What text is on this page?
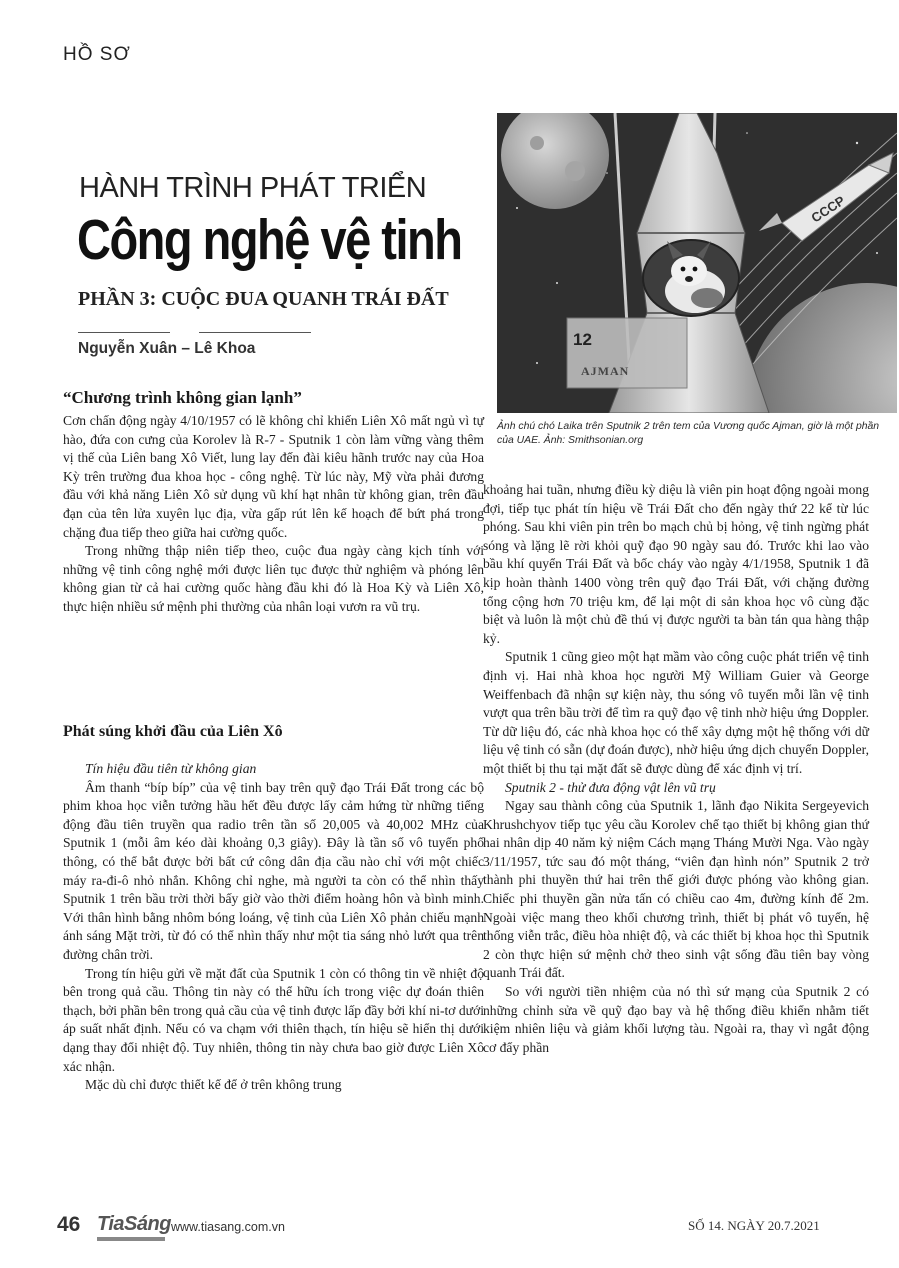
HỒ SƠ
HÀNH TRÌNH PHÁT TRIỂN
Công nghệ vệ tinh
PHẦN 3: CUỘC ĐUA QUANH TRÁI ĐẤT
Nguyễn Xuân – Lê Khoa
CCCP
12
AJMAN
Ảnh chú chó Laika trên Sputnik 2 trên tem của Vương quốc Ajman, giờ là một phần của UAE. Ảnh: Smithsonian.org
“Chương trình không gian lạnh”

Cơn chấn động ngày 4/10/1957 có lẽ không chỉ khiến Liên Xô mất ngủ vì tự hào, đứa con cưng của Korolev là R-7 - Sputnik 1 còn làm vững vàng thêm vị thế của Liên bang Xô Viết, lung lay đến đài kiêu hãnh trước nay của Hoa Kỳ trên trường đua khoa học - công nghệ. Từ lúc này, Mỹ vừa phải đương đầu với khả năng Liên Xô sử dụng vũ khí hạt nhân từ không gian, trên đầu đạn của tên lửa xuyên lục địa, vừa gấp rút lên kế hoạch để bứt phá trong chặng đua tiếp theo giữa hai cường quốc.

Trong những thập niên tiếp theo, cuộc đua ngày càng kịch tính với những vệ tinh công nghệ mới được liên tục được thử nghiệm và phóng lên không gian từ cả hai cường quốc hàng đầu khi đó là Hoa Kỳ và Liên Xô, thực hiện nhiều sứ mệnh phi thường của nhân loại vươn ra vũ trụ.

Phát súng khởi đầu của Liên Xô

Tín hiệu đầu tiên từ không gian

Âm thanh “bíp bíp” của vệ tinh bay trên quỹ đạo Trái Đất trong các bộ phim khoa học viễn tưởng hầu hết đều được lấy cảm hứng từ những tiếng động đầu tiên truyền qua radio trên tần số 20,005 và 40,002 MHz của Sputnik 1 (mỗi âm kéo dài khoảng 0,3 giây). Đây là tần số vô tuyến phổ thông, có thể bắt được bởi bất cứ công dân địa cầu nào chỉ với một chiếc máy ra-đi-ô nhỏ nhắn. Không chỉ nghe, mà người ta còn có thể nhìn thấy Sputnik 1 trên bầu trời thời bấy giờ vào thời điểm hoàng hôn và bình minh. Với thân hình bằng nhôm bóng loáng, vệ tinh của Liên Xô phản chiếu mạnh ánh sáng Mặt trời, từ đó có thể nhìn thấy như một tia sáng nhỏ lướt qua trên đường chân trời.

Trong tín hiệu gửi về mặt đất của Sputnik 1 còn có thông tin về nhiệt độ bên trong quả cầu. Thông tin này có thể hữu ích trong việc dự đoán thiên thạch, bởi phần bên trong quả cầu của vệ tinh được lấp đầy bởi khí ni-tơ dưới áp suất nhất định. Nếu có va chạm với thiên thạch, tín hiệu sẽ hiển thị dưới dạng thay đổi nhiệt độ. Tuy nhiên, thông tin này chưa bao giờ được Liên Xô xác nhận.

Mặc dù chỉ được thiết kế để ở trên không trung

khoảng hai tuần, nhưng điều kỳ diệu là viên pin hoạt động ngoài mong đợi, tiếp tục phát tín hiệu về Trái Đất cho đến ngày thứ 22 kể từ lúc phóng. Sau khi viên pin trên bo mạch chủ bị hỏng, vệ tinh ngừng phát sóng và lặng lẽ rời khỏi quỹ đạo 90 ngày sau đó. Trước khi lao vào bầu khí quyển Trái Đất và bốc cháy vào ngày 4/1/1958, Sputnik 1 đã kịp hoàn thành 1400 vòng trên quỹ đạo Trái Đất, với chặng đường tổng cộng hơn 70 triệu km, để lại một di sản khoa học vô cùng đặc biệt và luôn là một chủ đề thú vị được người ta bàn tán qua hàng thập kỷ.

Sputnik 1 cũng gieo một hạt mầm vào công cuộc phát triển vệ tinh định vị. Hai nhà khoa học người Mỹ William Guier và George Weiffenbach đã nhận sự kiện này, thu sóng vô tuyến mỗi lần vệ tinh vượt qua trên bầu trời để tìm ra quỹ đạo vệ tinh nhờ hiệu ứng Doppler. Từ dữ liệu đó, các nhà khoa học có thể xây dựng một hệ thống với dữ liệu vệ tinh có sẵn (dự đoán được), nhờ hiệu ứng dịch chuyển Doppler, một thiết bị thu tại mặt đất sẽ được dùng để xác định vị trí.

Sputnik 2 - thử đưa động vật lên vũ trụ

Ngay sau thành công của Sputnik 1, lãnh đạo Nikita Sergeyevich Khrushchyov tiếp tục yêu cầu Korolev chế tạo thiết bị không gian thứ hai nhân dịp 40 năm kỷ niệm Cách mạng Tháng Mười Nga. Vào ngày 3/11/1957, tức sau đó một tháng, “viên đạn hình nón” Sputnik 2 trở thành phi thuyền thứ hai trên thế giới được phóng vào không gian. Chiếc phi thuyền gần nửa tấn có chiều cao 4m, đường kính đế 2m. Ngoài việc mang theo khối chương trình, thiết bị phát vô tuyến, hệ thống viễn trắc, điều hòa nhiệt độ, và các thiết bị khoa học thì Sputnik 2 còn thực hiện sứ mệnh chở theo sinh vật sống đầu tiên bay vòng quanh Trái đất.

So với người tiền nhiệm của nó thì sứ mạng của Sputnik 2 có những chỉnh sửa về quỹ đạo bay và hệ thống điều khiển nhằm tiết kiệm nhiên liệu và giảm khối lượng tàu. Ngoài ra, thay vì ngắt động cơ đẩy phần

46 TiaSáng www.tiasang.com.vn	SỐ 14. NGÀY 20.7.2021
